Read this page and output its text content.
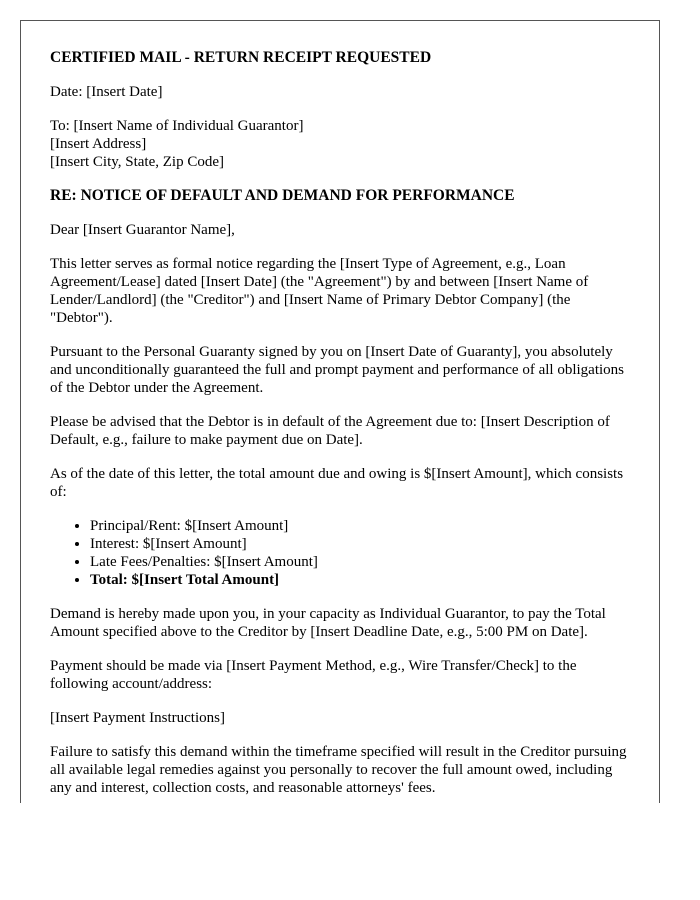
CERTIFIED MAIL - RETURN RECEIPT REQUESTED

Date: [Insert Date]

To: [Insert Name of Individual Guarantor]
[Insert Address]
[Insert City, State, Zip Code]

RE: NOTICE OF DEFAULT AND DEMAND FOR PERFORMANCE

Dear [Insert Guarantor Name],

This letter serves as formal notice regarding the [Insert Type of Agreement, e.g., Loan Agreement/Lease] dated [Insert Date] (the "Agreement") by and between [Insert Name of Lender/Landlord] (the "Creditor") and [Insert Name of Primary Debtor Company] (the "Debtor").

Pursuant to the Personal Guaranty signed by you on [Insert Date of Guaranty], you absolutely and unconditionally guaranteed the full and prompt payment and performance of all obligations of the Debtor under the Agreement.

Please be advised that the Debtor is in default of the Agreement due to: [Insert Description of Default, e.g., failure to make payment due on Date].

As of the date of this letter, the total amount due and owing is $[Insert Amount], which consists of:

• Principal/Rent: $[Insert Amount]
• Interest: $[Insert Amount]
• Late Fees/Penalties: $[Insert Amount]
• Total: $[Insert Total Amount]

Demand is hereby made upon you, in your capacity as Individual Guarantor, to pay the Total Amount specified above to the Creditor by [Insert Deadline Date, e.g., 5:00 PM on Date].

Payment should be made via [Insert Payment Method, e.g., Wire Transfer/Check] to the following account/address:

[Insert Payment Instructions]

Failure to satisfy this demand within the timeframe specified will result in the Creditor pursuing all available legal remedies against you personally to recover the full amount owed, including any and interest, collection costs, and reasonable attorneys' fees.
